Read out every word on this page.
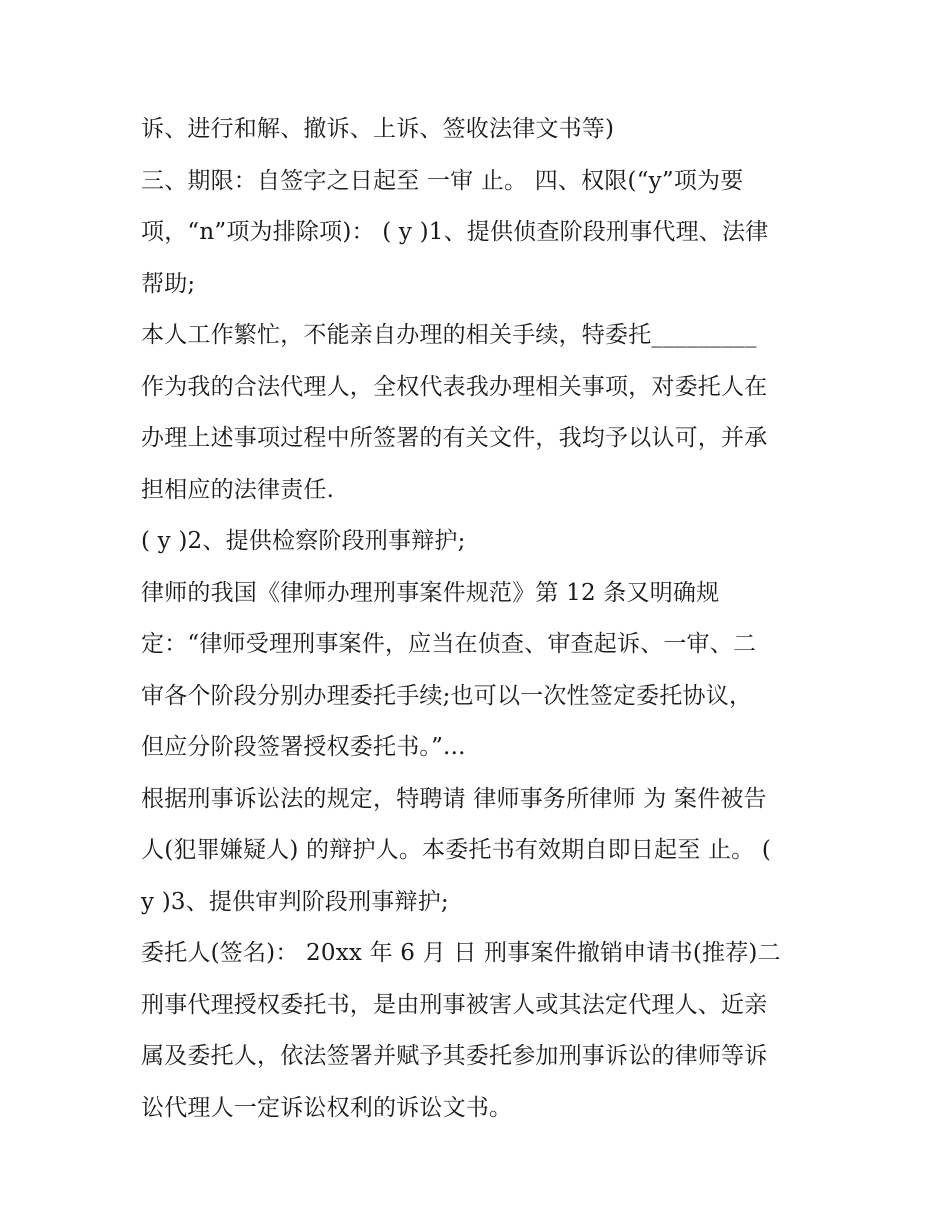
诉、进行和解、撤诉、上诉、签收法律文书等)
三、期限：自签字之日起至 一审 止。 四、权限(“y”项为要
项，“n”项为排除项)： ( y )1、提供侦查阶段刑事代理、法律
帮助;
本人工作繁忙，不能亲自办理的相关手续，特委托_________
作为我的合法代理人，全权代表我办理相关事项，对委托人在
办理上述事项过程中所签署的有关文件，我均予以认可，并承
担相应的法律责任.
( y )2、提供检察阶段刑事辩护;
律师的我国《律师办理刑事案件规范》第 12 条又明确规
定：“律师受理刑事案件，应当在侦查、审查起诉、一审、二
审各个阶段分别办理委托手续;也可以一次性签定委托协议，
但应分阶段签署授权委托书。”...
根据刑事诉讼法的规定，特聘请 律师事务所律师 为 案件被告
人(犯罪嫌疑人) 的辩护人。本委托书有效期自即日起至 止。 (
y )3、提供审判阶段刑事辩护;
委托人(签名)： 20xx 年 6 月 日 刑事案件撤销申请书(推荐)二
刑事代理授权委托书，是由刑事被害人或其法定代理人、近亲
属及委托人，依法签署并赋予其委托参加刑事诉讼的律师等诉
讼代理人一定诉讼权利的诉讼文书。
